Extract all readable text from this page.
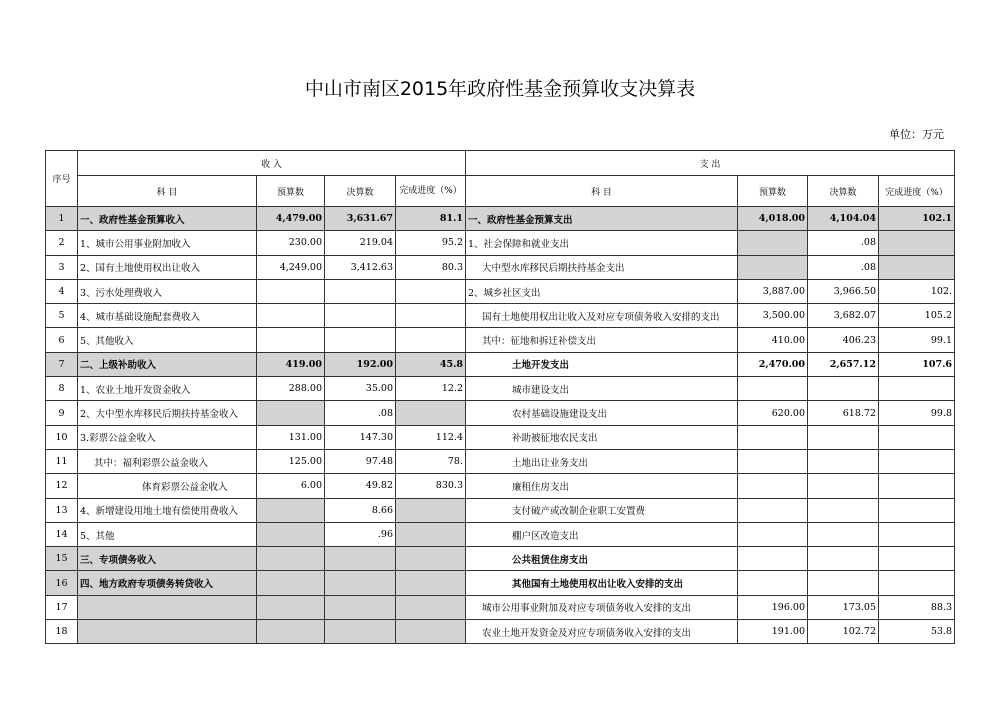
中山市南区2015年政府性基金预算收支决算表
单位：万元
序号	收 入				支 出			
	科 目	预算数	决算数	完成进度（%）	科 目	预算数	决算数	完成进度（%）
1	一、政府性基金预算收入	4,479.00	3,631.67	81.1	一、政府性基金预算支出	4,018.00	4,104.04	102.1
2	1、城市公用事业附加收入	230.00	219.04	95.2	1、社会保障和就业支出		.08	
3	2、国有土地使用权出让收入	4,249.00	3,412.63	80.3	大中型水库移民后期扶持基金支出		.08	
4	3、污水处理费收入				2、城乡社区支出	3,887.00	3,966.50	102.
5	4、城市基础设施配套费收入				国有土地使用权出让收入及对应专项债务收入安排的支出	3,500.00	3,682.07	105.2
6	5、其他收入				其中：征地和拆迁补偿支出	410.00	406.23	99.1
7	二、上级补助收入	419.00	192.00	45.8	土地开发支出	2,470.00	2,657.12	107.6
8	1、农业土地开发资金收入	288.00	35.00	12.2	城市建设支出			
9	2、大中型水库移民后期扶持基金收入		.08		农村基础设施建设支出	620.00	618.72	99.8
10	3.彩票公益金收入	131.00	147.30	112.4	补助被征地农民支出			
11	其中：福利彩票公益金收入	125.00	97.48	78.	土地出让业务支出			
12	体育彩票公益金收入	6.00	49.82	830.3	廉租住房支出			
13	4、新增建设用地土地有偿使用费收入		8.66		支付破产或改制企业职工安置费			
14	5、其他		.96		棚户区改造支出			
15	三、专项债务收入				公共租赁住房支出			
16	四、地方政府专项债务转贷收入				其他国有土地使用权出让收入安排的支出			
17					城市公用事业附加及对应专项债务收入安排的支出	196.00	173.05	88.3
18					农业土地开发资金及对应专项债务收入安排的支出	191.00	102.72	53.8
